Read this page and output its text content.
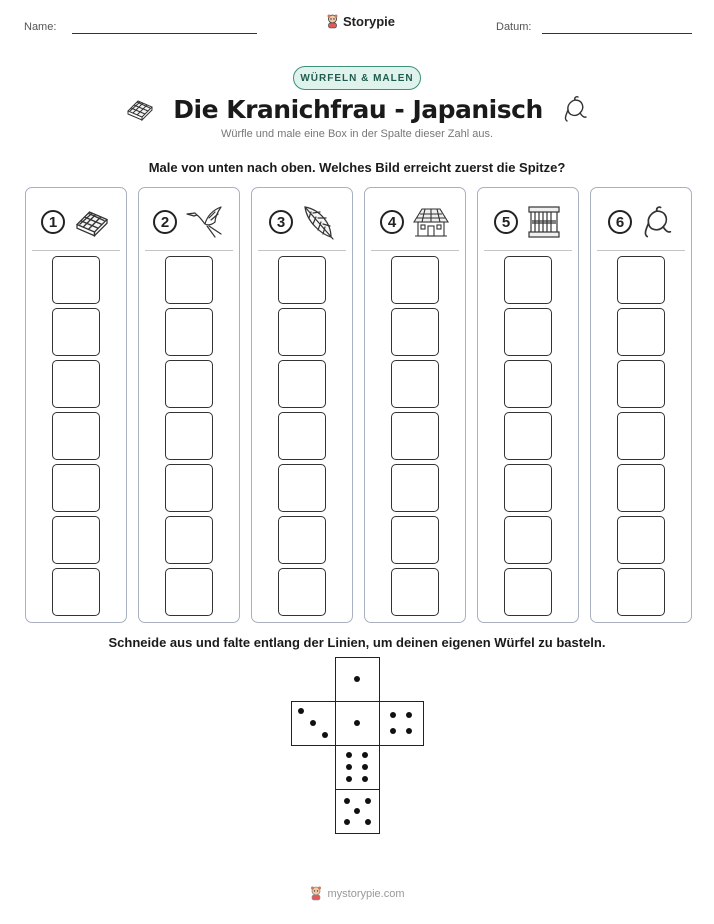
Name:	Storypie	Datum:
WÜRFELN & MALEN
Die Kranichfrau - Japanisch
Würfle und male eine Box in der Spalte dieser Zahl aus.
Male von unten nach oben. Welches Bild erreicht zuerst die Spitze?
1	2	3	4	5	6
Schneide aus und falte entlang der Linien, um deinen eigenen Würfel zu basteln.
mystorypie.com
